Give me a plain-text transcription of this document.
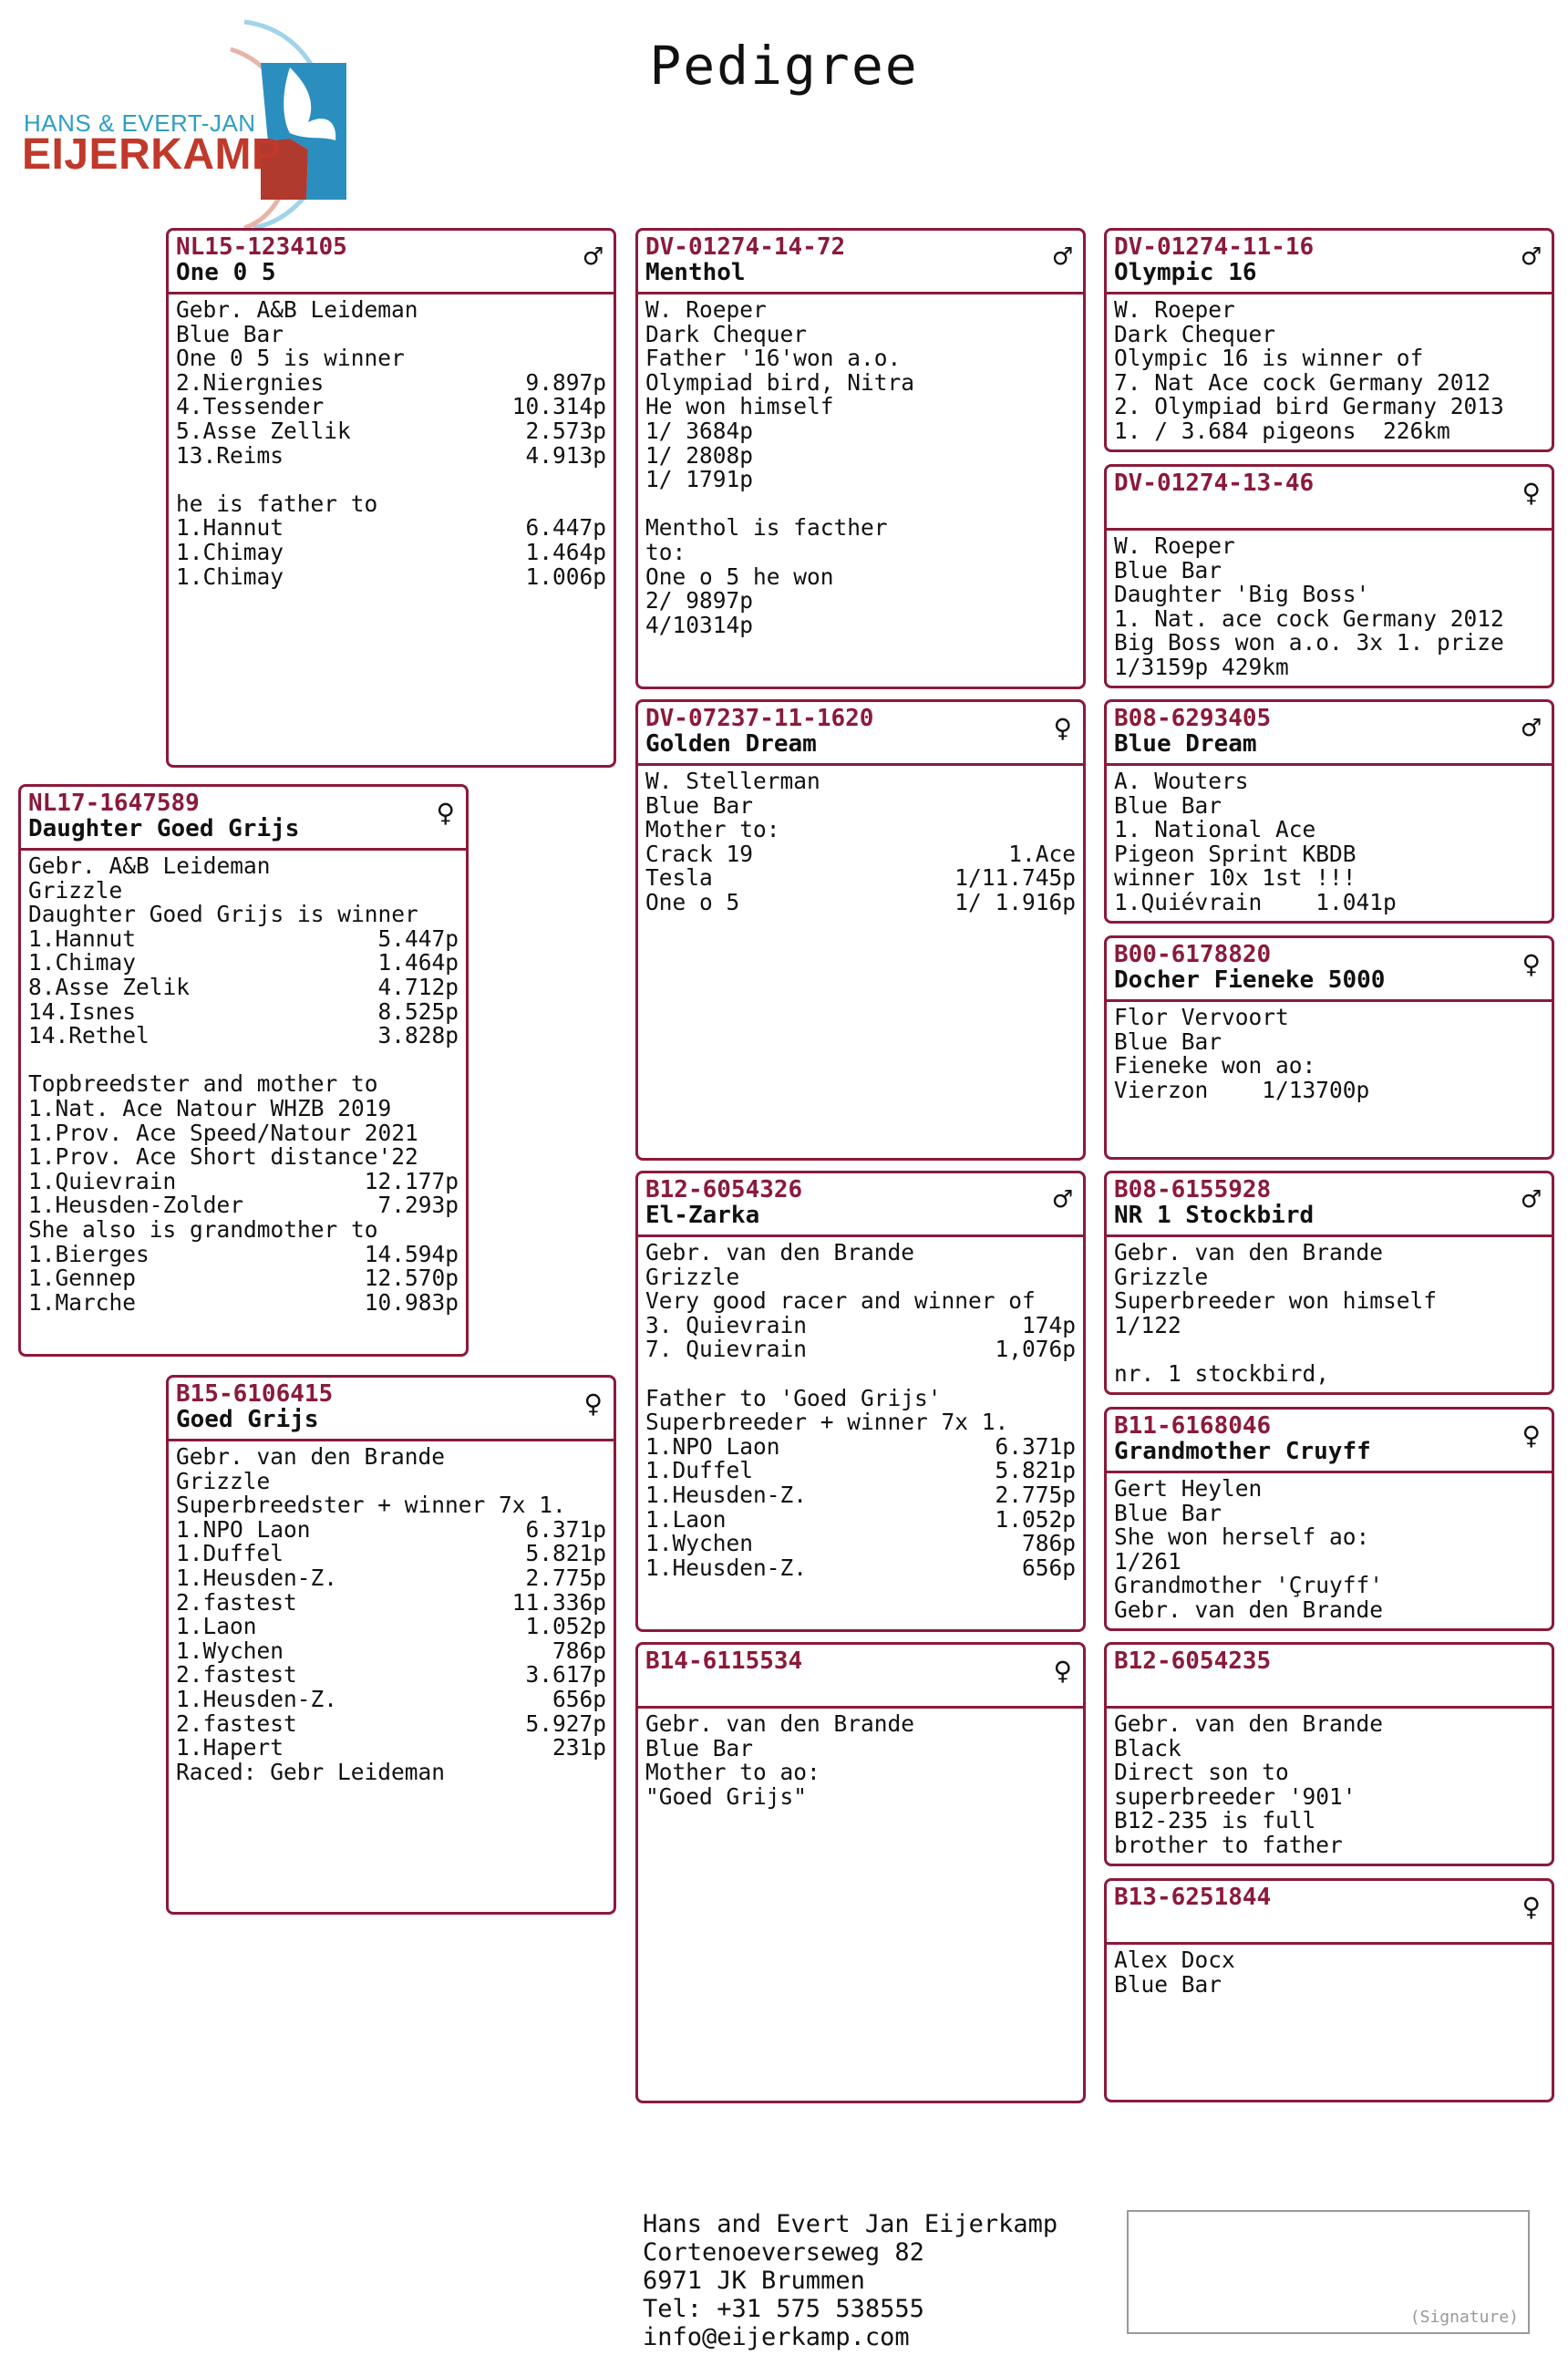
HANS & EVERT-JAN
EIJERKAMP
Pedigree
NL15-1234105
One 0 5	♂
Gebr. A&B Leideman
Blue Bar
One 0 5 is winner
2.Niergnies	9.897p
4.Tessender	10.314p
5.Asse Zellik	2.573p
13.Reims	4.913p

he is father to
1.Hannut	6.447p
1.Chimay	1.464p
1.Chimay	1.006p
NL17-1647589
Daughter Goed Grijs	♀
Gebr. A&B Leideman
Grizzle
Daughter Goed Grijs is winner
1.Hannut	5.447p
1.Chimay	1.464p
8.Asse Zelik	4.712p
14.Isnes	8.525p
14.Rethel	3.828p

Topbreedster and mother to
1.Nat. Ace Natour WHZB 2019
1.Prov. Ace Speed/Natour 2021
1.Prov. Ace Short distance'22
1.Quievrain	12.177p
1.Heusden-Zolder	7.293p
She also is grandmother to
1.Bierges	14.594p
1.Gennep	12.570p
1.Marche	10.983p
B15-6106415
Goed Grijs	♀
Gebr. van den Brande
Grizzle
Superbreedster + winner 7x 1.
1.NPO Laon	6.371p
1.Duffel	5.821p
1.Heusden-Z.	2.775p
2.fastest	11.336p
1.Laon	1.052p
1.Wychen	786p
2.fastest	3.617p
1.Heusden-Z.	656p
2.fastest	5.927p
1.Hapert	231p
Raced: Gebr Leideman
DV-01274-14-72
Menthol	♂
W. Roeper
Dark Chequer
Father '16'won a.o.
Olympiad bird, Nitra
He won himself
1/ 3684p
1/ 2808p
1/ 1791p

Menthol is facther
to:
One o 5 he won
2/ 9897p
4/10314p
DV-07237-11-1620
Golden Dream	♀
W. Stellerman
Blue Bar
Mother to:
Crack 19	1.Ace
Tesla	1/11.745p
One o 5	1/ 1.916p
B12-6054326
El-Zarka	♂
Gebr. van den Brande
Grizzle
Very good racer and winner of
3. Quievrain	174p
7. Quievrain	1,076p

Father to 'Goed Grijs'
Superbreeder + winner 7x 1.
1.NPO Laon	6.371p
1.Duffel	5.821p
1.Heusden-Z.	2.775p
1.Laon	1.052p
1.Wychen	786p
1.Heusden-Z.	656p
B14-6115534	♀
Gebr. van den Brande
Blue Bar
Mother to ao:
"Goed Grijs"
DV-01274-11-16
Olympic 16	♂
W. Roeper
Dark Chequer
Olympic 16 is winner of
7. Nat Ace cock Germany 2012
2. Olympiad bird Germany 2013
1. / 3.684 pigeons  226km
DV-01274-13-46	♀
W. Roeper
Blue Bar
Daughter 'Big Boss'
1. Nat. ace cock Germany 2012
Big Boss won a.o. 3x 1. prize
1/3159p 429km
B08-6293405
Blue Dream	♂
A. Wouters
Blue Bar
1. National Ace
Pigeon Sprint KBDB
winner 10x 1st !!!
1.Quiévrain    1.041p
B00-6178820
Docher Fieneke 5000	♀
Flor Vervoort
Blue Bar
Fieneke won ao:
Vierzon    1/13700p
B08-6155928
NR 1 Stockbird	♂
Gebr. van den Brande
Grizzle
Superbreeder won himself
1/122

nr. 1 stockbird,
B11-6168046
Grandmother Cruyff	♀
Gert Heylen
Blue Bar
She won herself ao:
1/261
Grandmother 'Çruyff'
Gebr. van den Brande
B12-6054235
Gebr. van den Brande
Black
Direct son to
superbreeder '901'
B12-235 is full
brother to father
B13-6251844	♀
Alex Docx
Blue Bar
Hans and Evert Jan Eijerkamp
Cortenoeverseweg 82
6971 JK Brummen
Tel: +31 575 538555
info@eijerkamp.com
(Signature)
